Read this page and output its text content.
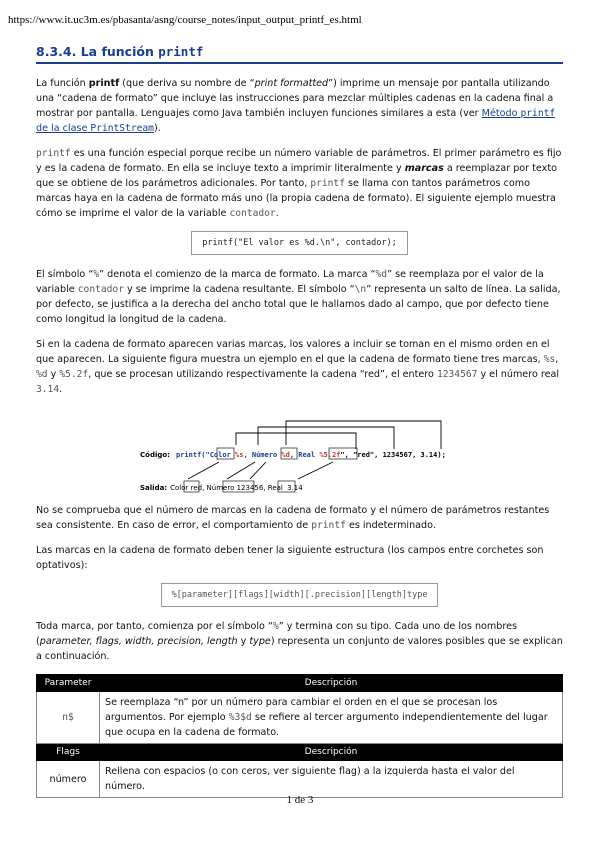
https://www.it.uc3m.es/pbasanta/asng/course_notes/input_output_printf_es.html
8.3.4. La función printf

La función printf (que deriva su nombre de “print formatted”) imprime un mensaje por pantalla utilizando una “cadena de formato” que incluye las instrucciones para mezclar múltiples cadenas en la cadena final a mostrar por pantalla. Lenguajes como Java también incluyen funciones similares a esta (ver Método printf de la clase PrintStream).

printf es una función especial porque recibe un número variable de parámetros. El primer parámetro es fijo y es la cadena de formato. En ella se incluye texto a imprimir literalmente y marcas a reemplazar por texto que se obtiene de los parámetros adicionales. Por tanto, printf se llama con tantos parámetros como marcas haya en la cadena de formato más uno (la propia cadena de formato). El siguiente ejemplo muestra cómo se imprime el valor de la variable contador.

printf("El valor es %d.\n", contador);

El símbolo “%” denota el comienzo de la marca de formato. La marca “%d” se reemplaza por el valor de la variable contador y se imprime la cadena resultante. El símbolo “\n” representa un salto de línea. La salida, por defecto, se justifica a la derecha del ancho total que le hallamos dado al campo, que por defecto tiene como longitud la longitud de la cadena.

Si en la cadena de formato aparecen varias marcas, los valores a incluir se toman en el mismo orden en el que aparecen. La siguiente figura muestra un ejemplo en el que la cadena de formato tiene tres marcas, %s, %d y %5.2f, que se procesan utilizando respectivamente la cadena “red”, el entero 1234567 y el número real 3.14.

Código: printf("Color %s, Número %d, Real %5.2f", "red", 1234567, 3.14);
Salida: Color red, Número 123456, Real 3.14

No se comprueba que el número de marcas en la cadena de formato y el número de parámetros restantes sea consistente. En caso de error, el comportamiento de printf es indeterminado.

Las marcas en la cadena de formato deben tener la siguiente estructura (los campos entre corchetes son optativos):

%[parameter][flags][width][.precision][length]type

Toda marca, por tanto, comienza por el símbolo “%” y termina con su tipo. Cada uno de los nombres (parameter, flags, width, precision, length y type) representa un conjunto de valores posibles que se explican a continuación.

Parameter	Descripción
n$	Se reemplaza “n” por un número para cambiar el orden en el que se procesan los argumentos. Por ejemplo %3$d se refiere al tercer argumento independientemente del lugar que ocupa en la cadena de formato.
Flags	Descripción
número	Rellena con espacios (o con ceros, ver siguiente flag) a la izquierda hasta el valor del número.
1 de 3
